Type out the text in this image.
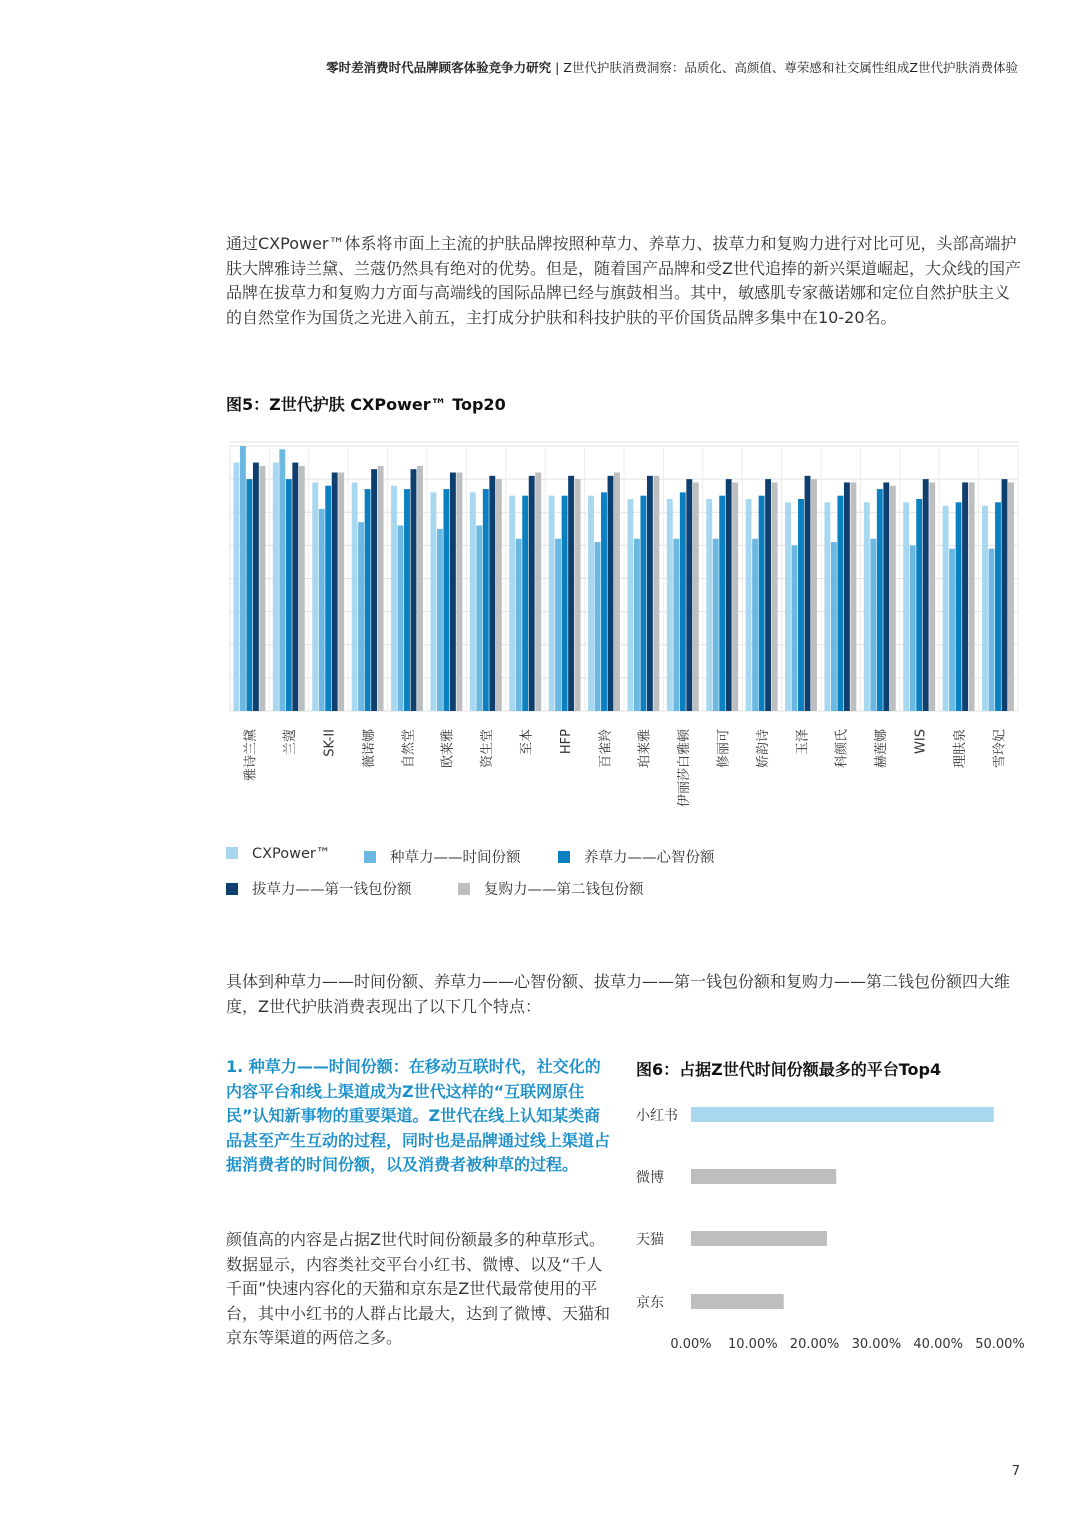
零时差消费时代品牌顾客体验竞争力研究 | Z世代护肤消费洞察：品质化、高颜值、尊荣感和社交属性组成Z世代护肤消费体验

通过CXPower™体系将市面上主流的护肤品牌按照种草力、养草力、拔草力和复购力进行对比可见，头部高端护肤大牌雅诗兰黛、兰蔻仍然具有绝对的优势。但是，随着国产品牌和受Z世代追捧的新兴渠道崛起，大众线的国产品牌在拔草力和复购力方面与高端线的国际品牌已经与旗鼓相当。其中，敏感肌专家薇诺娜和定位自然护肤主义的自然堂作为国货之光进入前五，主打成分护肤和科技护肤的平价国货品牌多集中在10-20名。

图5：Z世代护肤 CXPower™ Top20
雅诗兰黛 兰蔻 SK-II 薇诺娜 自然堂 欧莱雅 资生堂 至本 HFP 百雀羚 珀莱雅 伊丽莎白雅顿 修丽可 娇韵诗 玉泽 科颜氏 赫莲娜 WIS 理肤泉 雪玲妃
CXPower™	种草力——时间份额	养草力——心智份额
拔草力——第一钱包份额	复购力——第二钱包份额

具体到种草力——时间份额、养草力——心智份额、拔草力——第一钱包份额和复购力——第二钱包份额四大维度，Z世代护肤消费表现出了以下几个特点：

1. 种草力——时间份额：在移动互联时代，社交化的内容平台和线上渠道成为Z世代这样的“互联网原住民”认知新事物的重要渠道。Z世代在线上认知某类商品甚至产生互动的过程，同时也是品牌通过线上渠道占据消费者的时间份额，以及消费者被种草的过程。
颜值高的内容是占据Z世代时间份额最多的种草形式。数据显示，内容类社交平台小红书、微博、以及“千人千面”快速内容化的天猫和京东是Z世代最常使用的平台，其中小红书的人群占比最大，达到了微博、天猫和京东等渠道的两倍之多。
图6：占据Z世代时间份额最多的平台Top4
小红书
微博
天猫
京东
0.00% 10.00% 20.00% 30.00% 40.00% 50.00%
7
